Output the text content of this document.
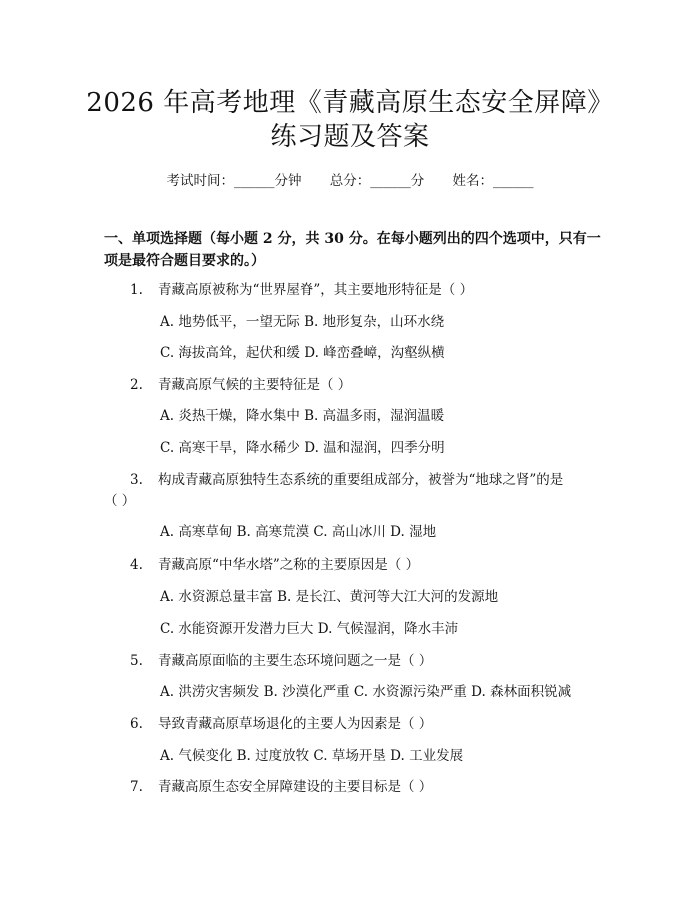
2026 年高考地理《青藏高原生态安全屏障》
练习题及答案
考试时间：______分钟 总分：______分 姓名：______
一、单项选择题（每小题 2 分，共 30 分。在每小题列出的四个选项中，只有一项是最符合题目要求的。）
1. 青藏高原被称为“世界屋脊”，其主要地形特征是（ ）
A. 地势低平，一望无际 B. 地形复杂，山环水绕
C. 海拔高耸，起伏和缓 D. 峰峦叠嶂，沟壑纵横
2. 青藏高原气候的主要特征是（ ）
A. 炎热干燥，降水集中 B. 高温多雨，湿润温暖
C. 高寒干旱，降水稀少 D. 温和湿润，四季分明
3. 构成青藏高原独特生态系统的重要组成部分，被誉为“地球之肾”的是
（ ）
A. 高寒草甸 B. 高寒荒漠 C. 高山冰川 D. 湿地
4. 青藏高原“中华水塔”之称的主要原因是（ ）
A. 水资源总量丰富 B. 是长江、黄河等大江大河的发源地
C. 水能资源开发潜力巨大 D. 气候湿润，降水丰沛
5. 青藏高原面临的主要生态环境问题之一是（ ）
A. 洪涝灾害频发 B. 沙漠化严重 C. 水资源污染严重 D. 森林面积锐减
6. 导致青藏高原草场退化的主要人为因素是（ ）
A. 气候变化 B. 过度放牧 C. 草场开垦 D. 工业发展
7. 青藏高原生态安全屏障建设的主要目标是（ ）
